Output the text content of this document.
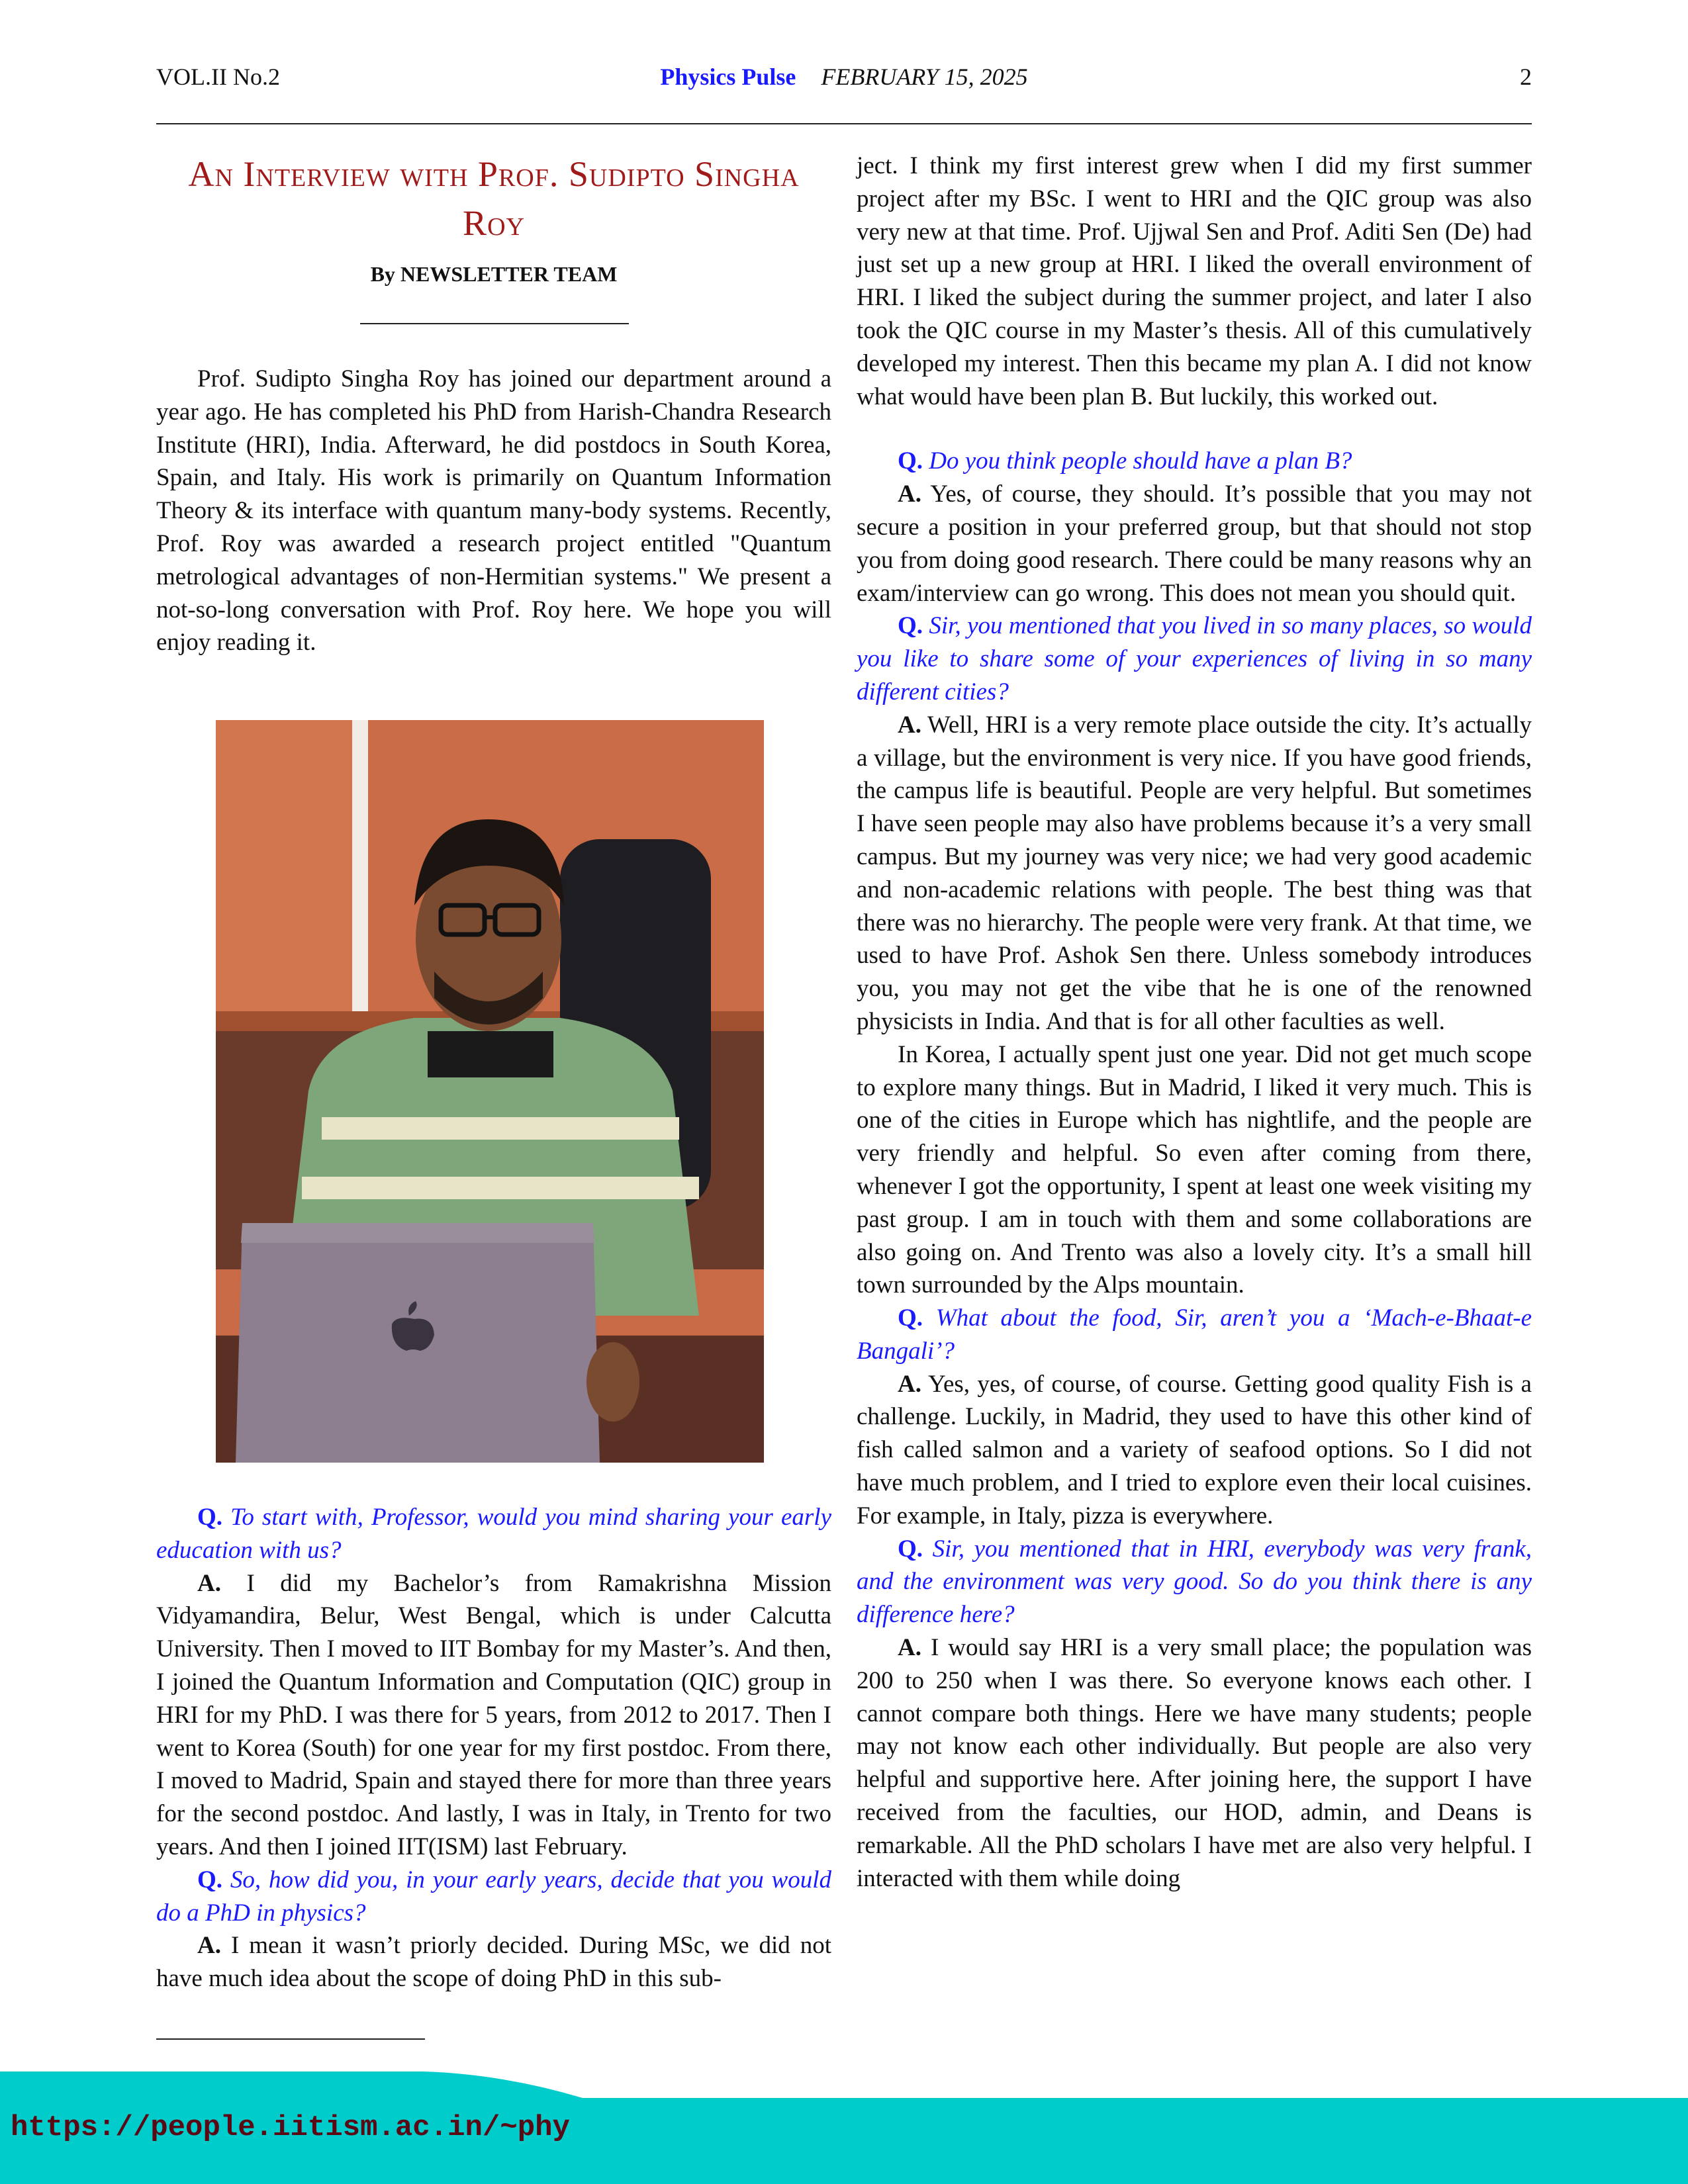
VOL.II No.2	Physics Pulse FEBRUARY 15, 2025	2
An Interview with Prof. Sudipto Singha Roy
By NEWSLETTER TEAM

Prof. Sudipto Singha Roy has joined our department around a year ago. He has completed his PhD from Harish-Chandra Research Institute (HRI), India. Afterward, he did postdocs in South Korea, Spain, and Italy. His work is primarily on Quantum Information Theory & its interface with quantum many-body systems. Recently, Prof. Roy was awarded a research project entitled "Quantum metrological advantages of non-Hermitian systems." We present a not-so-long conversation with Prof. Roy here. We hope you will enjoy reading it.

Q. To start with, Professor, would you mind sharing your early education with us?

A. I did my Bachelor’s from Ramakrishna Mission Vidyamandira, Belur, West Bengal, which is under Calcutta University. Then I moved to IIT Bombay for my Master’s. And then, I joined the Quantum Information and Computation (QIC) group in HRI for my PhD. I was there for 5 years, from 2012 to 2017. Then I went to Korea (South) for one year for my first postdoc. From there, I moved to Madrid, Spain and stayed there for more than three years for the second postdoc. And lastly, I was in Italy, in Trento for two years. And then I joined IIT(ISM) last February.

Q. So, how did you, in your early years, decide that you would do a PhD in physics?

A. I mean it wasn’t priorly decided. During MSc, we did not have much idea about the scope of doing PhD in this sub-

ject. I think my first interest grew when I did my first summer project after my BSc. I went to HRI and the QIC group was also very new at that time. Prof. Ujjwal Sen and Prof. Aditi Sen (De) had just set up a new group at HRI. I liked the overall environment of HRI. I liked the subject during the summer project, and later I also took the QIC course in my Master’s thesis. All of this cumulatively developed my interest. Then this became my plan A. I did not know what would have been plan B. But luckily, this worked out.

Q. Do you think people should have a plan B?

A. Yes, of course, they should. It’s possible that you may not secure a position in your preferred group, but that should not stop you from doing good research. There could be many reasons why an exam/interview can go wrong. This does not mean you should quit.

Q. Sir, you mentioned that you lived in so many places, so would you like to share some of your experiences of living in so many different cities?

A. Well, HRI is a very remote place outside the city. It’s actually a village, but the environment is very nice. If you have good friends, the campus life is beautiful. People are very helpful. But sometimes I have seen people may also have problems because it’s a very small campus. But my journey was very nice; we had very good academic and non-academic relations with people. The best thing was that there was no hierarchy. The people were very frank. At that time, we used to have Prof. Ashok Sen there. Unless somebody introduces you, you may not get the vibe that he is one of the renowned physicists in India. And that is for all other faculties as well.

In Korea, I actually spent just one year. Did not get much scope to explore many things. But in Madrid, I liked it very much. This is one of the cities in Europe which has nightlife, and the people are very friendly and helpful. So even after coming from there, whenever I got the opportunity, I spent at least one week visiting my past group. I am in touch with them and some collaborations are also going on. And Trento was also a lovely city. It’s a small hill town surrounded by the Alps mountain.

Q. What about the food, Sir, aren’t you a ‘Mach-e-Bhaat-e Bangali’?

A. Yes, yes, of course, of course. Getting good quality Fish is a challenge. Luckily, in Madrid, they used to have this other kind of fish called salmon and a variety of seafood options. So I did not have much problem, and I tried to explore even their local cuisines. For example, in Italy, pizza is everywhere.

Q. Sir, you mentioned that in HRI, everybody was very frank, and the environment was very good. So do you think there is any difference here?

A. I would say HRI is a very small place; the population was 200 to 250 when I was there. So everyone knows each other. I cannot compare both things. Here we have many students; people may not know each other individually. But people are also very helpful and supportive here. After joining here, the support I have received from the faculties, our HOD, admin, and Deans is remarkable. All the PhD scholars I have met are also very helpful. I interacted with them while doing

https://people.iitism.ac.in/~phy
